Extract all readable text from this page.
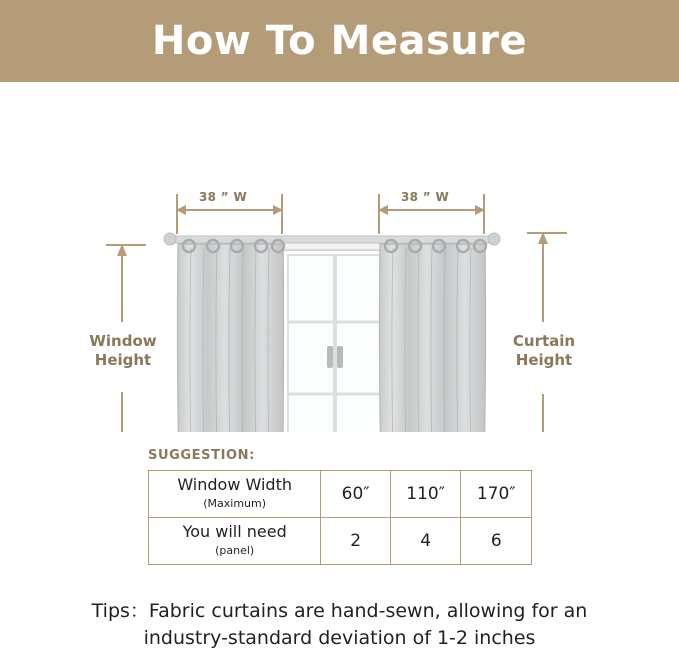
How To Measure
38 ” W	38 ” W
Window
Height
Curtain
Height
SUGGESTION:
Window Width
(Maximum)	60″	110″	170″
You will need
(panel)	2	4	6
Tips：Fabric curtains are hand-sewn, allowing for an
industry-standard deviation of 1-2 inches
